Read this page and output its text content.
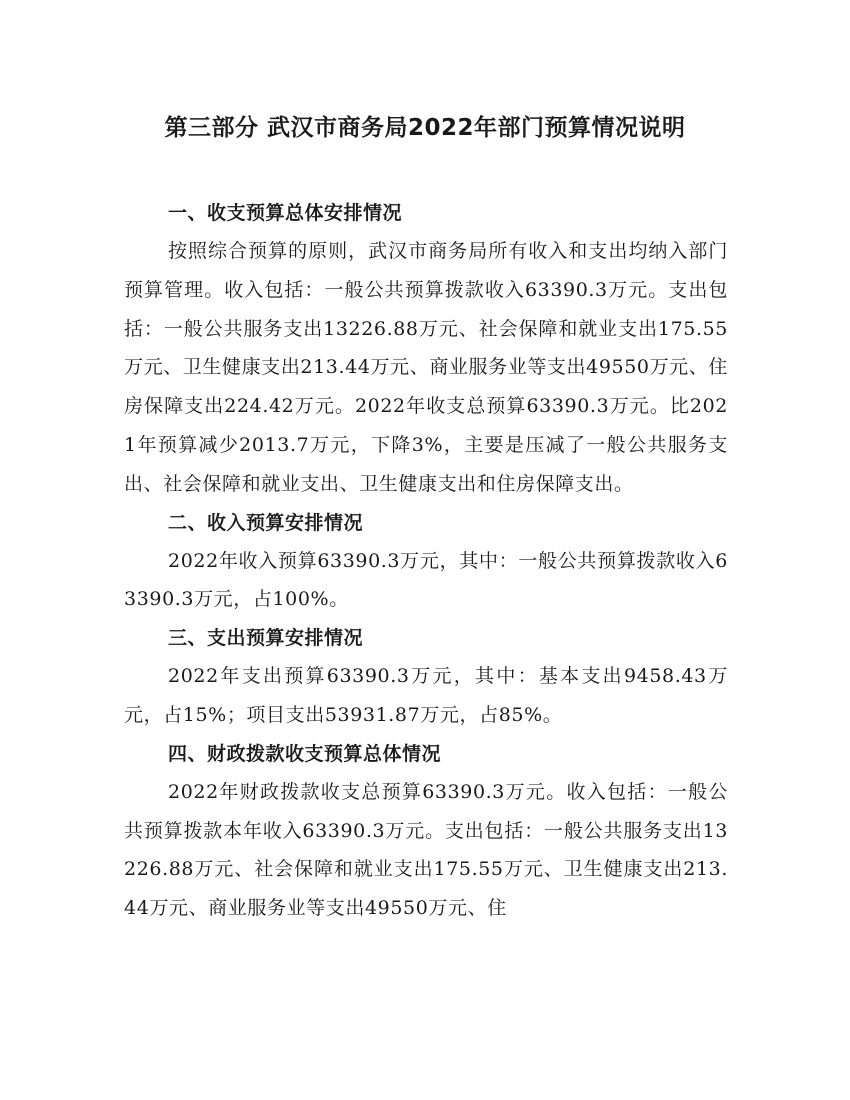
第三部分 武汉市商务局2022年部门预算情况说明
一、收支预算总体安排情况

按照综合预算的原则，武汉市商务局所有收入和支出均纳入部门预算管理。收入包括：一般公共预算拨款收入63390.3万元。支出包括：一般公共服务支出13226.88万元、社会保障和就业支出175.55万元、卫生健康支出213.44万元、商业服务业等支出49550万元、住房保障支出224.42万元。2022年收支总预算63390.3万元。比2021年预算减少2013.7万元，下降3%，主要是压减了一般公共服务支出、社会保障和就业支出、卫生健康支出和住房保障支出。

二、收入预算安排情况

2022年收入预算63390.3万元，其中：一般公共预算拨款收入63390.3万元，占100%。

三、支出预算安排情况

2022年支出预算63390.3万元，其中：基本支出9458.43万元，占15%；项目支出53931.87万元，占85%。

四、财政拨款收支预算总体情况

2022年财政拨款收支总预算63390.3万元。收入包括：一般公共预算拨款本年收入63390.3万元。支出包括：一般公共服务支出13226.88万元、社会保障和就业支出175.55万元、卫生健康支出213.44万元、商业服务业等支出49550万元、住
